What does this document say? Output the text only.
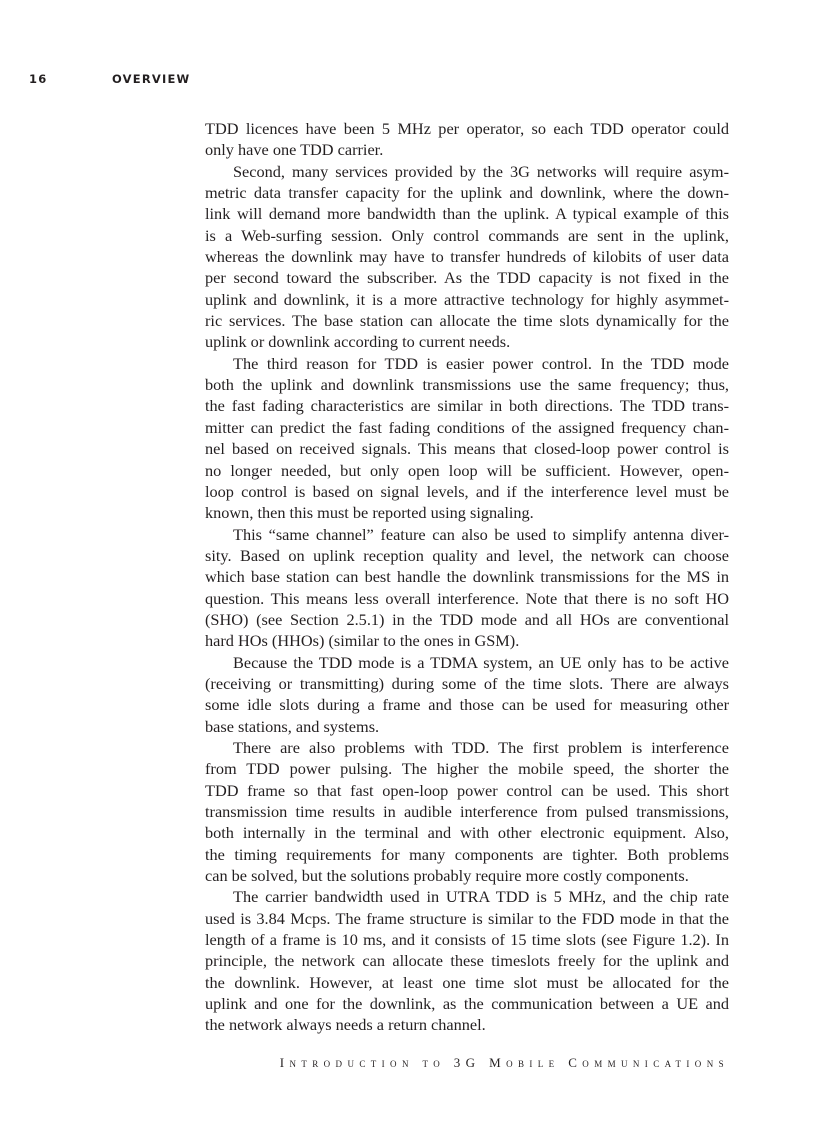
16	OVERVIEW
TDD licences have been 5 MHz per operator, so each TDD operator could
only have one TDD carrier.
Second, many services provided by the 3G networks will require asym-
metric data transfer capacity for the uplink and downlink, where the down-
link will demand more bandwidth than the uplink. A typical example of this
is a Web-surfing session. Only control commands are sent in the uplink,
whereas the downlink may have to transfer hundreds of kilobits of user data
per second toward the subscriber. As the TDD capacity is not fixed in the
uplink and downlink, it is a more attractive technology for highly asymmet-
ric services. The base station can allocate the time slots dynamically for the
uplink or downlink according to current needs.
The third reason for TDD is easier power control. In the TDD mode
both the uplink and downlink transmissions use the same frequency; thus,
the fast fading characteristics are similar in both directions. The TDD trans-
mitter can predict the fast fading conditions of the assigned frequency chan-
nel based on received signals. This means that closed-loop power control is
no longer needed, but only open loop will be sufficient. However, open-
loop control is based on signal levels, and if the interference level must be
known, then this must be reported using signaling.
This “same channel” feature can also be used to simplify antenna diver-
sity. Based on uplink reception quality and level, the network can choose
which base station can best handle the downlink transmissions for the MS in
question. This means less overall interference. Note that there is no soft HO
(SHO) (see Section 2.5.1) in the TDD mode and all HOs are conventional
hard HOs (HHOs) (similar to the ones in GSM).
Because the TDD mode is a TDMA system, an UE only has to be active
(receiving or transmitting) during some of the time slots. There are always
some idle slots during a frame and those can be used for measuring other
base stations, and systems.
There are also problems with TDD. The first problem is interference
from TDD power pulsing. The higher the mobile speed, the shorter the
TDD frame so that fast open-loop power control can be used. This short
transmission time results in audible interference from pulsed transmissions,
both internally in the terminal and with other electronic equipment. Also,
the timing requirements for many components are tighter. Both problems
can be solved, but the solutions probably require more costly components.
The carrier bandwidth used in UTRA TDD is 5 MHz, and the chip rate
used is 3.84 Mcps. The frame structure is similar to the FDD mode in that the
length of a frame is 10 ms, and it consists of 15 time slots (see Figure 1.2). In
principle, the network can allocate these timeslots freely for the uplink and
the downlink. However, at least one time slot must be allocated for the
uplink and one for the downlink, as the communication between a UE and
the network always needs a return channel.
Introduction to 3G Mobile Communications
